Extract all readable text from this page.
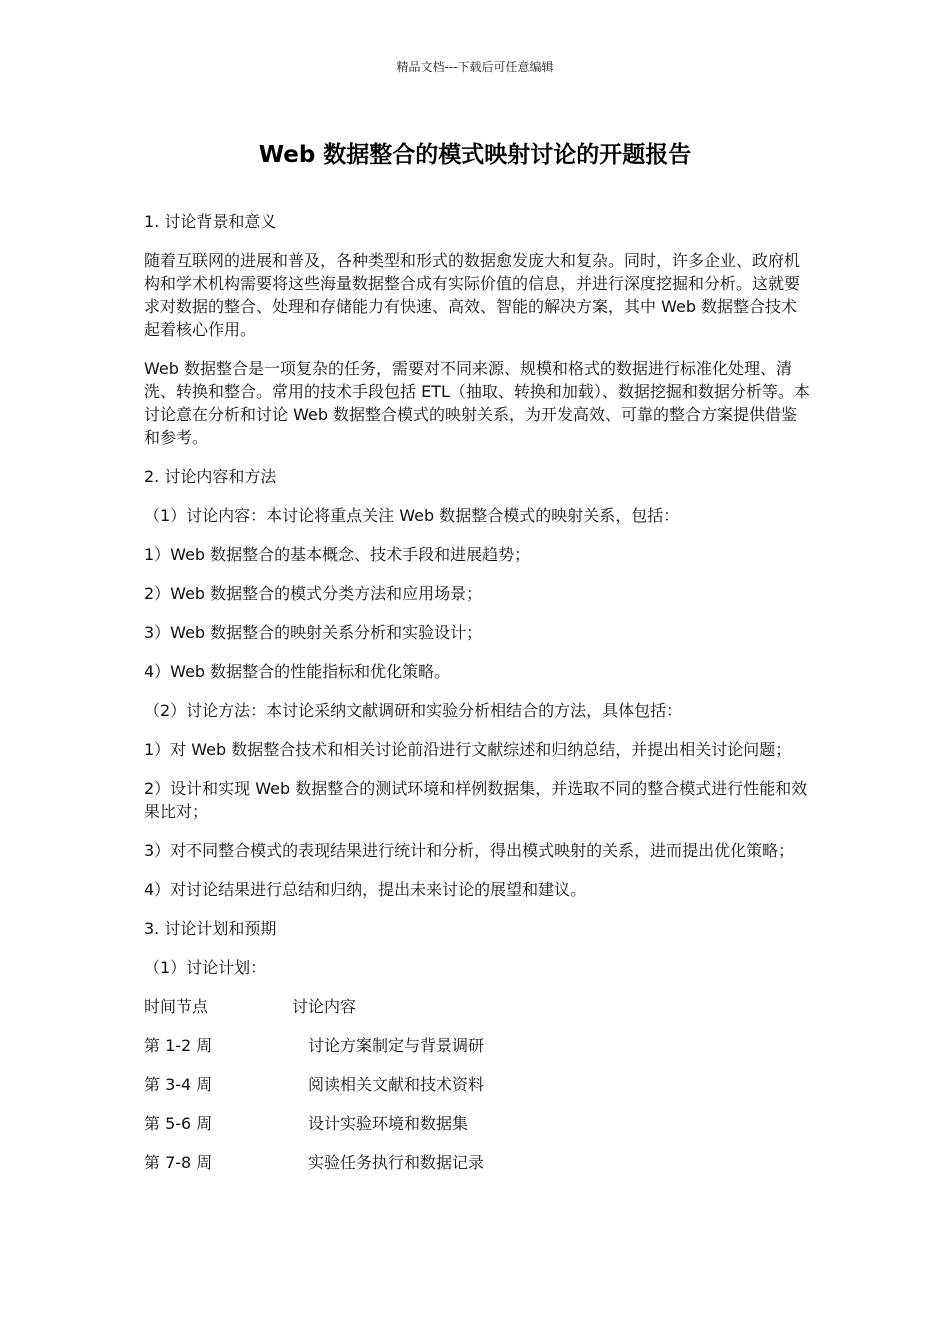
精品文档---下载后可任意编辑
Web 数据整合的模式映射讨论的开题报告

1. 讨论背景和意义

随着互联网的进展和普及，各种类型和形式的数据愈发庞大和复杂。同时，许多企业、政府机构和学术机构需要将这些海量数据整合成有实际价值的信息，并进行深度挖掘和分析。这就要求对数据的整合、处理和存储能力有快速、高效、智能的解决方案，其中 Web 数据整合技术起着核心作用。

Web 数据整合是一项复杂的任务，需要对不同来源、规模和格式的数据进行标准化处理、清洗、转换和整合。常用的技术手段包括 ETL（抽取、转换和加载）、数据挖掘和数据分析等。本讨论意在分析和讨论 Web 数据整合模式的映射关系，为开发高效、可靠的整合方案提供借鉴和参考。

2. 讨论内容和方法

（1）讨论内容：本讨论将重点关注 Web 数据整合模式的映射关系，包括：

1）Web 数据整合的基本概念、技术手段和进展趋势；

2）Web 数据整合的模式分类方法和应用场景；

3）Web 数据整合的映射关系分析和实验设计；

4）Web 数据整合的性能指标和优化策略。

（2）讨论方法：本讨论采纳文献调研和实验分析相结合的方法，具体包括：

1）对 Web 数据整合技术和相关讨论前沿进行文献综述和归纳总结，并提出相关讨论问题；

2）设计和实现 Web 数据整合的测试环境和样例数据集，并选取不同的整合模式进行性能和效果比对；

3）对不同整合模式的表现结果进行统计和分析，得出模式映射的关系，进而提出优化策略；

4）对讨论结果进行总结和归纳，提出未来讨论的展望和建议。

3. 讨论计划和预期

（1）讨论计划：

时间节点	讨论内容
第 1-2 周	讨论方案制定与背景调研
第 3-4 周	阅读相关文献和技术资料
第 5-6 周	设计实验环境和数据集
第 7-8 周	实验任务执行和数据记录
